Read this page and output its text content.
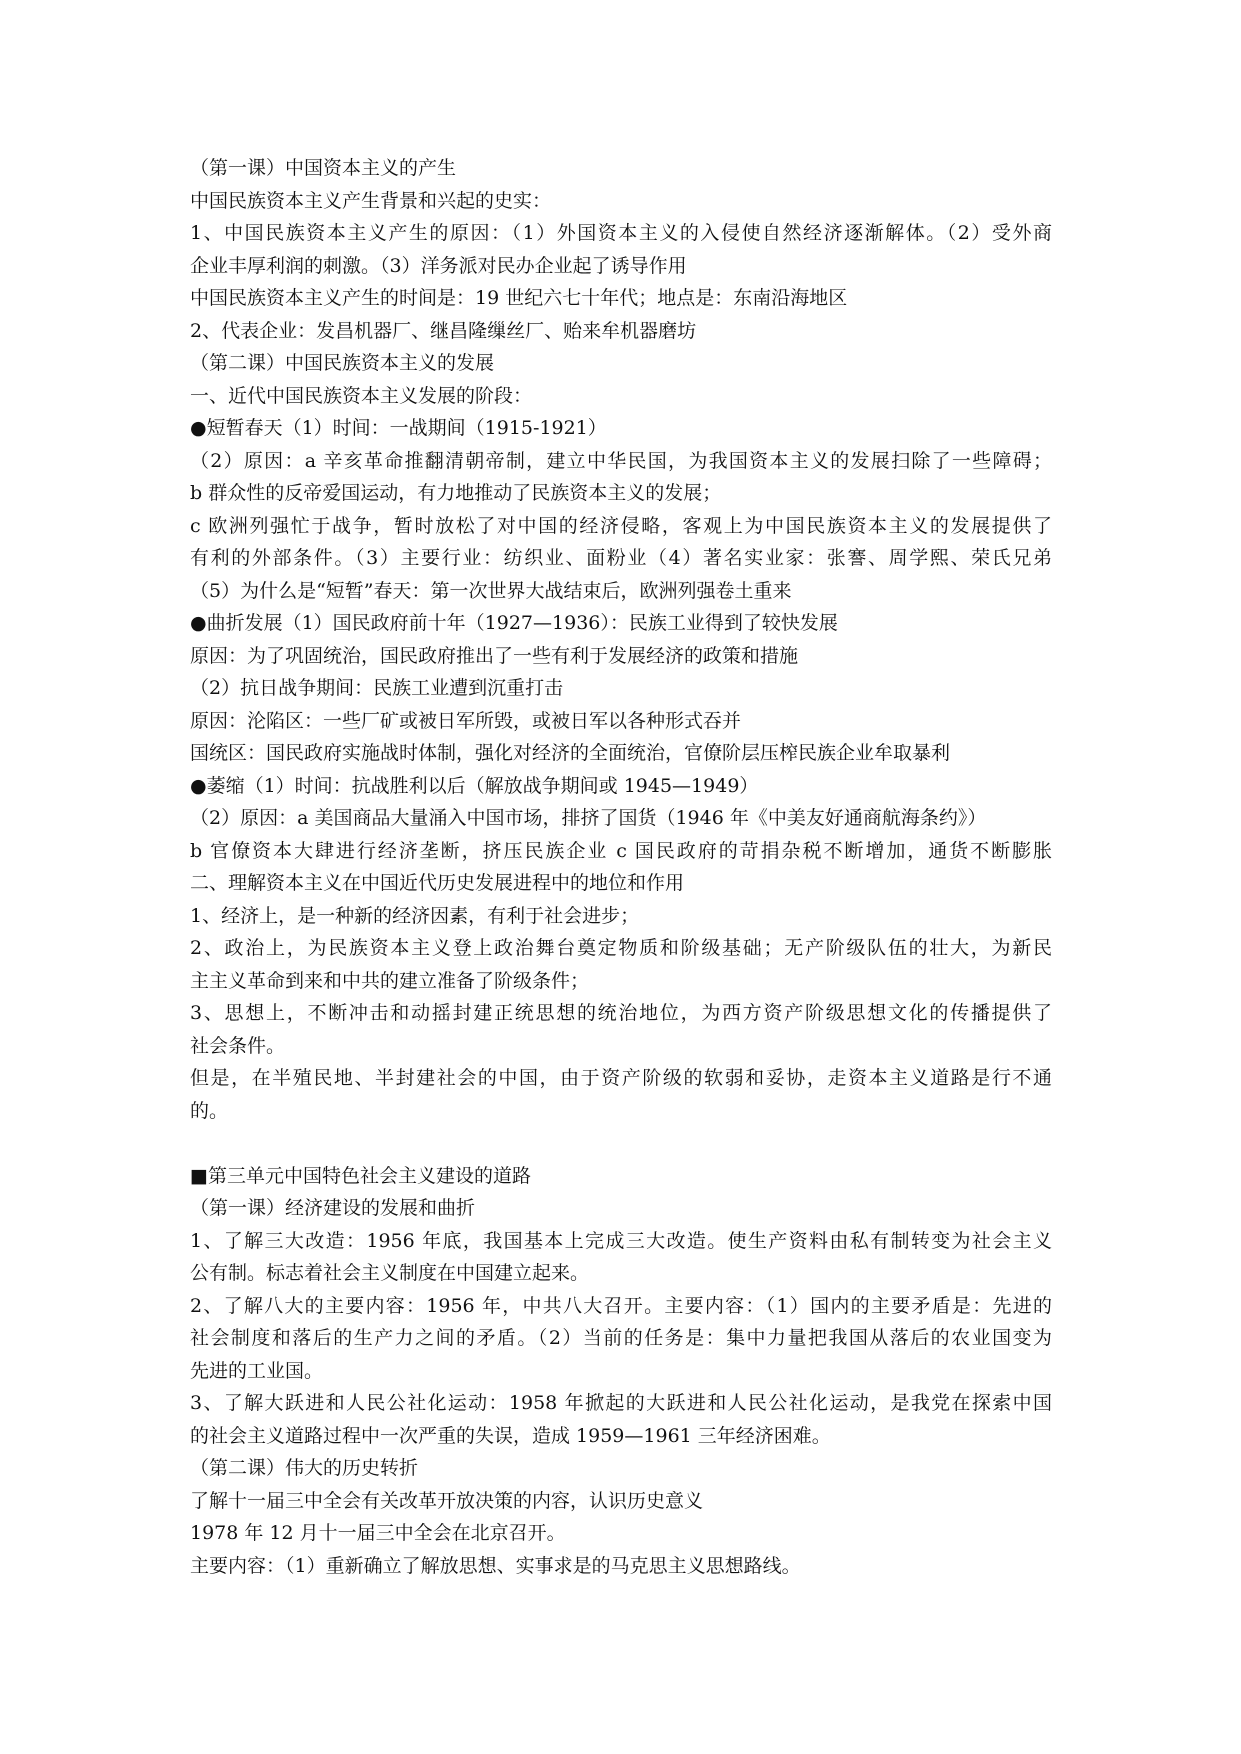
（第一课）中国资本主义的产生

中国民族资本主义产生背景和兴起的史实：

1、中国民族资本主义产生的原因：（1）外国资本主义的入侵使自然经济逐渐解体。（2）受外商

企业丰厚利润的刺激。（3）洋务派对民办企业起了诱导作用

中国民族资本主义产生的时间是：19 世纪六七十年代；地点是：东南沿海地区

2、代表企业：发昌机器厂、继昌隆缫丝厂、贻来牟机器磨坊

（第二课）中国民族资本主义的发展

一、近代中国民族资本主义发展的阶段：

●短暂春天（1）时间：一战期间（1915-1921）

（2）原因：a 辛亥革命推翻清朝帝制，建立中华民国，为我国资本主义的发展扫除了一些障碍；

b 群众性的反帝爱国运动，有力地推动了民族资本主义的发展；

c 欧洲列强忙于战争，暂时放松了对中国的经济侵略，客观上为中国民族资本主义的发展提供了

有利的外部条件。（3）主要行业：纺织业、面粉业（4）著名实业家：张謇、周学熙、荣氏兄弟

（5）为什么是“短暂”春天：第一次世界大战结束后，欧洲列强卷土重来

●曲折发展（1）国民政府前十年（1927—1936）：民族工业得到了较快发展

原因：为了巩固统治，国民政府推出了一些有利于发展经济的政策和措施

（2）抗日战争期间：民族工业遭到沉重打击

原因：沦陷区：一些厂矿或被日军所毁，或被日军以各种形式吞并

国统区：国民政府实施战时体制，强化对经济的全面统治，官僚阶层压榨民族企业牟取暴利

●萎缩（1）时间：抗战胜利以后（解放战争期间或 1945—1949）

（2）原因：a 美国商品大量涌入中国市场，排挤了国货（1946 年《中美友好通商航海条约》）

b 官僚资本大肆进行经济垄断，挤压民族企业 c 国民政府的苛捐杂税不断增加，通货不断膨胀

二、理解资本主义在中国近代历史发展进程中的地位和作用

1、经济上，是一种新的经济因素，有利于社会进步；

2、政治上，为民族资本主义登上政治舞台奠定物质和阶级基础；无产阶级队伍的壮大，为新民

主主义革命到来和中共的建立准备了阶级条件；

3、思想上，不断冲击和动摇封建正统思想的统治地位，为西方资产阶级思想文化的传播提供了

社会条件。

但是，在半殖民地、半封建社会的中国，由于资产阶级的软弱和妥协，走资本主义道路是行不通

的。

■第三单元中国特色社会主义建设的道路

（第一课）经济建设的发展和曲折

1、了解三大改造：1956 年底，我国基本上完成三大改造。使生产资料由私有制转变为社会主义

公有制。标志着社会主义制度在中国建立起来。

2、了解八大的主要内容：1956 年，中共八大召开。主要内容：（1）国内的主要矛盾是：先进的

社会制度和落后的生产力之间的矛盾。（2）当前的任务是：集中力量把我国从落后的农业国变为

先进的工业国。

3、了解大跃进和人民公社化运动：1958 年掀起的大跃进和人民公社化运动，是我党在探索中国

的社会主义道路过程中一次严重的失误，造成 1959—1961 三年经济困难。

（第二课）伟大的历史转折

了解十一届三中全会有关改革开放决策的内容，认识历史意义

1978 年 12 月十一届三中全会在北京召开。

主要内容：（1）重新确立了解放思想、实事求是的马克思主义思想路线。
